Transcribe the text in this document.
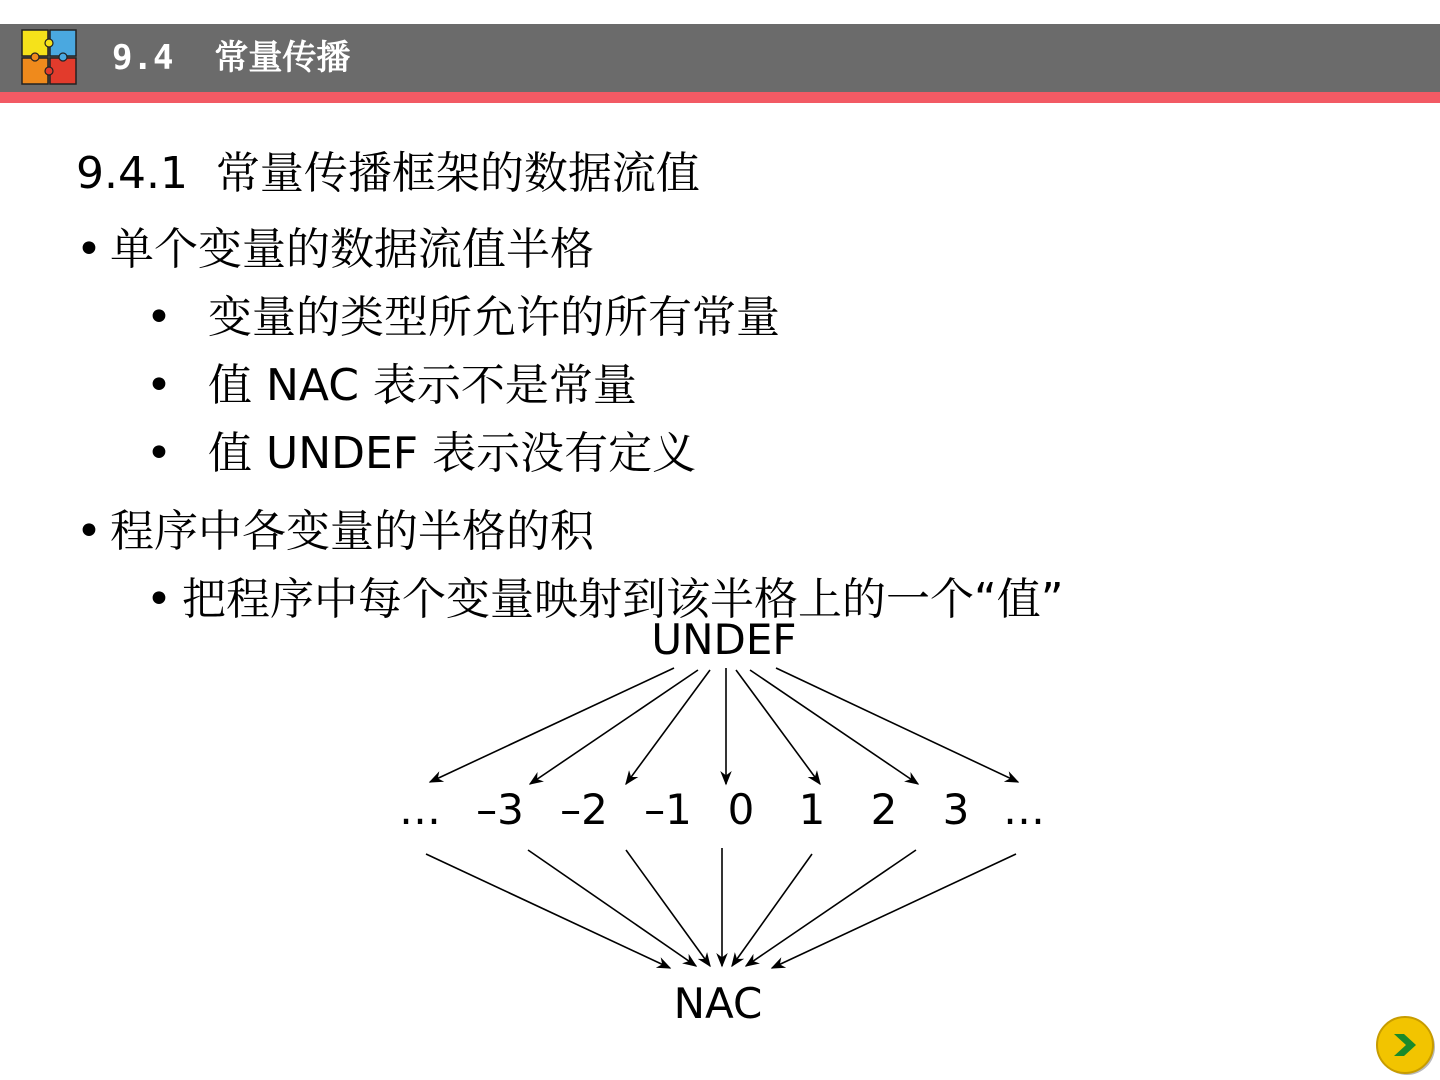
9.4  常量传播
9.4.1  常量传播框架的数据流值

•

单个变量的数据流值半格

•

变量的类型所允许的所有常量

•

值 NAC 表示不是常量

•

值 UNDEF 表示没有定义

•

程序中各变量的半格的积

•

把程序中每个变量映射到该半格上的一个“值”

UNDEF
… –3 –2 –1 0 1 2 3 …
NAC
